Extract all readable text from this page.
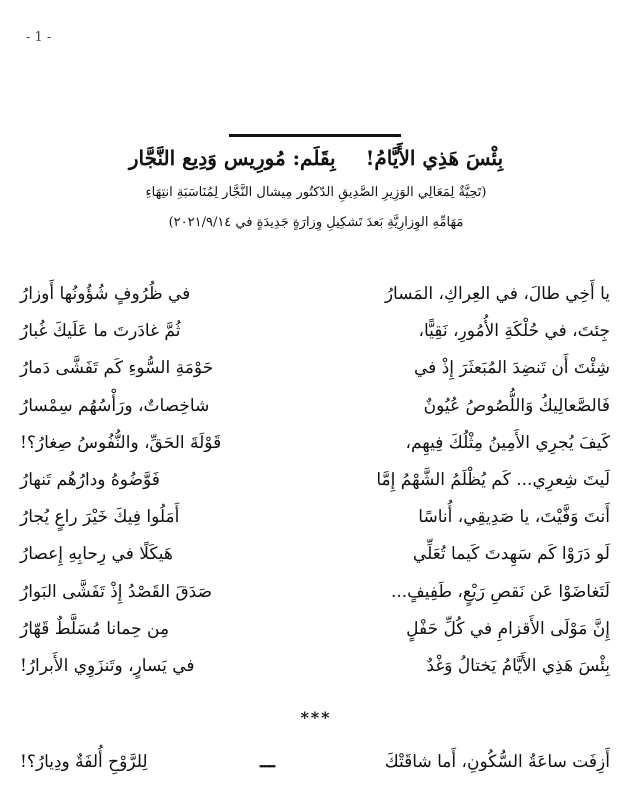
- 1 -
بِئْسَ هَذِي الأَيَّامُ!بِقَلَم: مُورِيس وَدِيع النَّجَّار
(تَحِيَّةٌ لِمَعَالِي الوَزِيرِ الصَّدِيقِ الدّكتُور مِيشال النَّجَّار لِمُنَاسَبَةِ انتِهَاءِ
مَهَامِّهِ الوِزارِيَّةِ بَعدَ تَشكِيلِ وِزارَةٍ جَدِيدَةٍ في ٢٠٢١/٩/١٤)
يا أَخِي طالَ، في العِراكِ، المَسارُ
في ظُرُوفٍ شُؤُونُها أَوزارُ
جِئتَ، في حُلْكَةِ الأُمُورِ، نَقِيًّا،
ثُمَّ غادَرتَ ما عَلَيكَ غُبارُ
شِئْتَ أَن تَنضِدَ المُبَعثَرَ إِذْ في
حَوْمَةِ السُّوءِ كَم تَفَشَّى دَمارُ
فَالصَّعالِيكُ وَاللُّصُوصُ عُيُونٌ
شاخِصاتٌ، ورَأْسُهُم سِمْسارُ
كَيفَ يُجرِي الأَمِينُ مِثْلُكَ فِيهِم،
قَوْلَةَ الحَقِّ، والنُّفُوسُ صِغارُ؟!
لَيتَ شِعرِي... كَم يُظْلَمُ الشَّهْمُ إِمَّا
فَوَّضُوهُ ودارُهُم تَنهارُ
أَنتَ وَفَّيْتَ، يا صَدِيقِي، أُناسًا
أَمَلُوا فِيكَ خَيْرَ راعٍ يُجارُ
لَو دَرَوْا كَم سَهِدتَ كَيما تُعَلِّي
هَيكَلًا في رِحابِهِ إِعصارُ
لَتَغاضَوْا عَن نَقصِ رَيْعٍ، طَفِيفٍ...
صَدَقَ القَصْدُ إِذْ تَفَشَّى البَوارُ
إِنَّ مَوْلَى الأَقزامِ في كُلِّ حَفْلٍ
مِن حِمانا مُسَلَّطٌ قَهّارُ
بِئْسَ هَذِي الأَيَّامُ يَختالُ وَغْدٌ
في يَسارٍ، وتَنزَوِي الأَبرارُ!
***
أَزِفَت ساعَةُ السُّكُونِ، أَما شاقَتْكَ
ـــ
لِلرَّوْحِ أُلفَةٌ ودِيارُ؟!
